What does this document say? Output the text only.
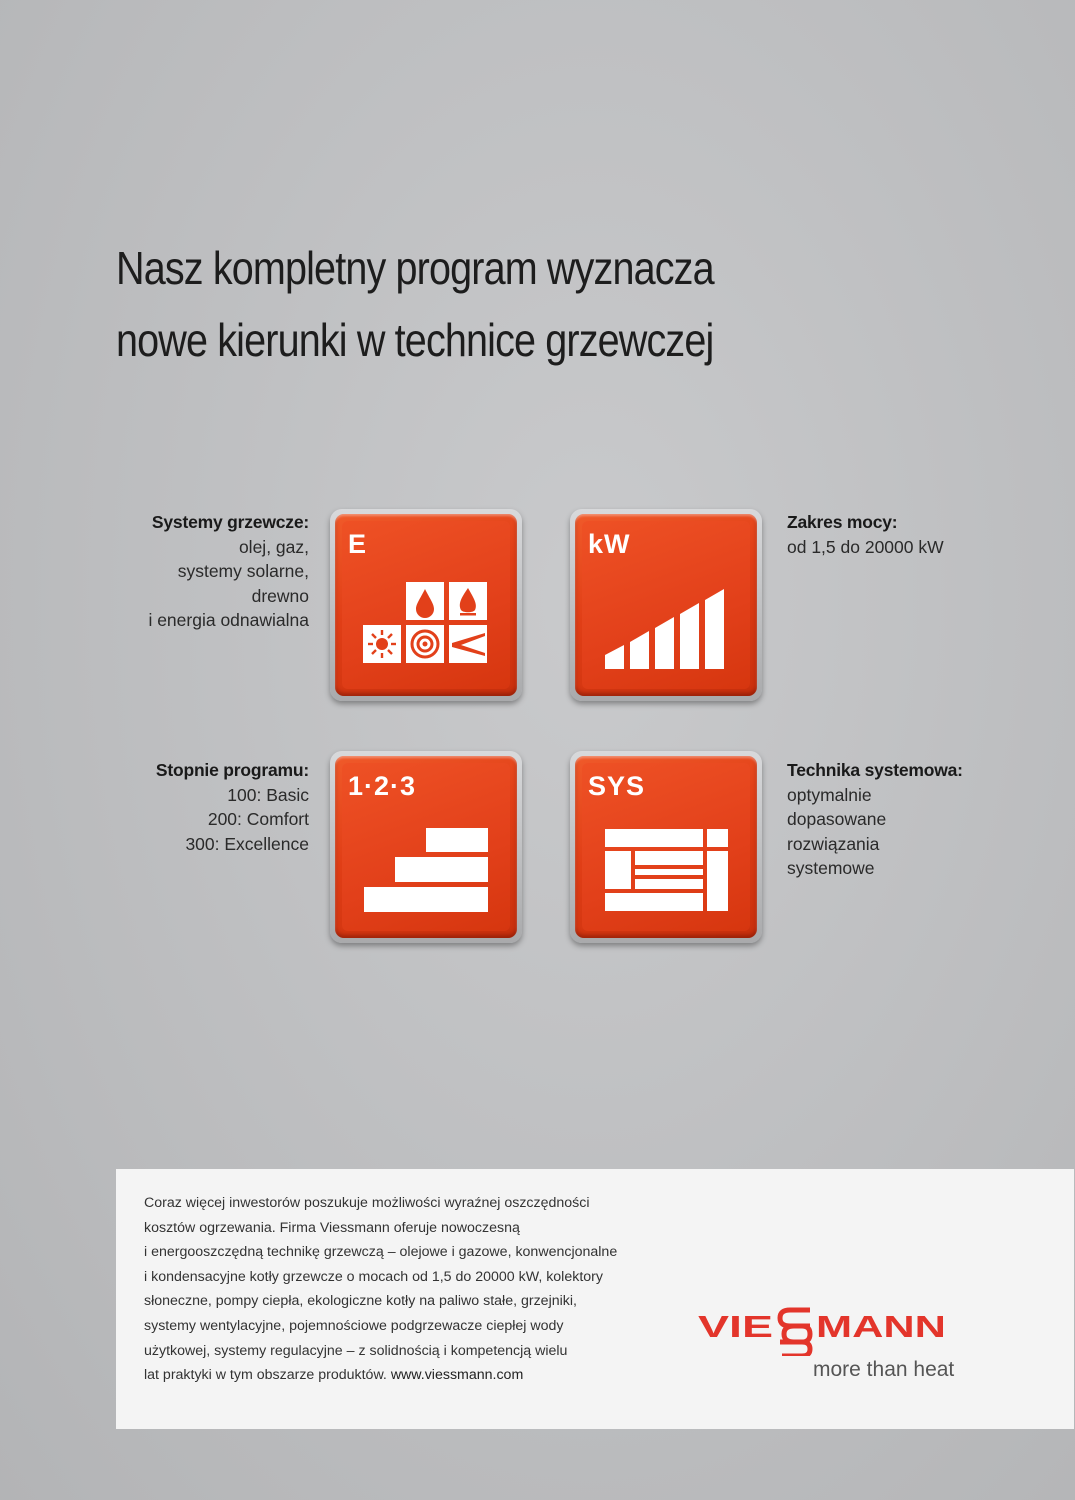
Nasz kompletny program wyznacza
nowe kierunki w technice grzewczej
Systemy grzewcze:
olej, gaz,
systemy solarne,
drewno
i energia odnawialna
Zakres mocy:
od 1,5 do 20000 kW
Stopnie programu:
100: Basic
200: Comfort
300: Excellence
Technika systemowa:
optymalnie
dopasowane
rozwiązania
systemowe
E	kW
1·2·3	SYS

Coraz więcej inwestorów poszukuje możliwości wyraźnej oszczędności

kosztów ogrzewania. Firma Viessmann oferuje nowoczesną

i energooszczędną technikę grzewczą – olejowe i gazowe, konwencjonalne

i kondensacyjne kotły grzewcze o mocach od 1,5 do 20000 kW, kolektory

słoneczne, pompy ciepła, ekologiczne kotły na paliwo stałe, grzejniki,

systemy wentylacyjne, pojemnościowe podgrzewacze ciepłej wody

użytkowej, systemy regulacyjne – z solidnością i kompetencją wielu

lat praktyki w tym obszarze produktów. www.viessmann.com

VIE MANN
more than heat
